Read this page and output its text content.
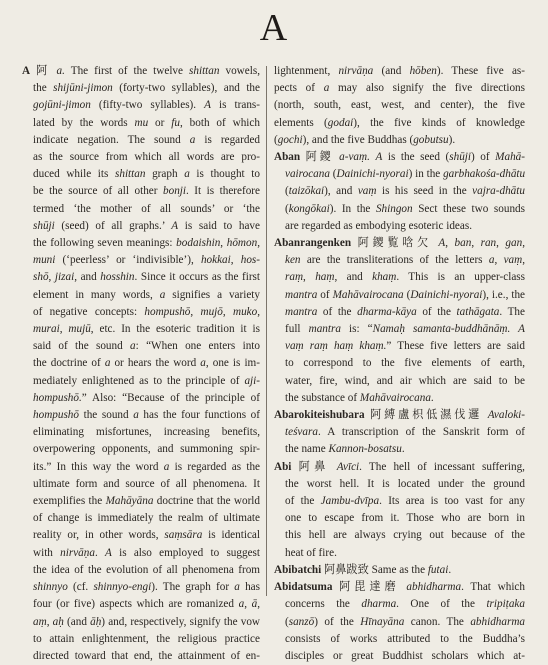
A
A 阿 a. The first of the twelve shittan vowels,
the shijūni-jimon (forty-two syllables), and the
gojūni-jimon (fifty-two syllables). A is trans-
lated by the words mu or fu, both of which
indicate negation. The sound a is regarded
as the source from which all words are pro-
duced while its shittan graph a is thought to
be the source of all other bonji. It is therefore
termed ‘the mother of all sounds’ or ‘the
shūji (seed) of all graphs.’ A is said to have
the following seven meanings: bodaishin, hōmon,
muni (‘peerless’ or ‘indivisible’), hokkai, hos-
shō, jizai, and hosshin. Since it occurs as the first
element in many words, a signifies a variety
of negative concepts: hompushō, mujō, muko,
murai, mujū, etc. In the esoteric tradition it is
said of the sound a: “When one enters into
the doctrine of a or hears the word a, one is im-
mediately enlightened as to the principle of aji-
hompushō.” Also: “Because of the principle of
hompushō the sound a has the four functions of
eliminating misfortunes, increasing benefits,
overpowering opponents, and summoning spir-
its.” In this way the word a is regarded as the
ultimate form and source of all phenomena. It
exemplifies the Mahāyāna doctrine that the world
of change is immediately the realm of ultimate
reality or, in other words, saṃsāra is identical
with nirvāṇa. A is also employed to suggest
the idea of the evolution of all phenomena from
shinnyo (cf. shinnyo-engi). The graph for a has
four (or five) aspects which are romanized a, ā,
aṃ, aḥ (and āḥ) and, respectively, signify the vow
to attain enlightenment, the religious practice
directed toward that end, the attainment of en-
lightenment, nirvāṇa (and hōben). These five as-
pects of a may also signify the five directions
(north, south, east, west, and center), the five
elements (godai), the five kinds of knowledge
(gochi), and the five Buddhas (gobutsu).
Aban 阿鑁 a-vaṃ. A is the seed (shūji) of Mahā-
vairocana (Dainichi-nyorai) in the garbhakośa-dhātu
(taizōkai), and vaṃ is his seed in the vajra-dhātu
(kongōkai). In the Shingon Sect these two sounds
are regarded as embodying esoteric ideas.
Abanrangenken 阿鑁覧唅欠 A, ban, ran, gan,
ken are the transliterations of the letters a, vaṃ,
raṃ, haṃ, and khaṃ. This is an upper-class
mantra of Mahāvairocana (Dainichi-nyorai), i.e., the
mantra of the dharma-kāya of the tathāgata. The
full mantra is: “Namaḥ samanta-buddhānāṃ. A
vaṃ raṃ haṃ khaṃ.” These five letters are said
to correspond to the five elements of earth,
water, fire, wind, and air which are said to be
the substance of Mahāvairocana.
Abarokiteishubara 阿縛盧枳低濕伐邏 Avaloki-
teśvara. A transcription of the Sanskrit form of
the name Kannon-bosatsu.
Abi 阿鼻 Avīci. The hell of incessant suffering,
the worst hell. It is located under the ground
of the Jambu-dvīpa. Its area is too vast for any
one to escape from it. Those who are born in
this hell are always crying out because of the
heat of fire.
Abibatchi 阿鼻跋致 Same as the futai.
Abidatsuma 阿毘達磨 abhidharma. That which
concerns the dharma. One of the tripiṭaka
(sanzō) of the Hīnayāna canon. The abhidharma
consists of works attributed to the Buddha’s
disciples or great Buddhist scholars which at-
